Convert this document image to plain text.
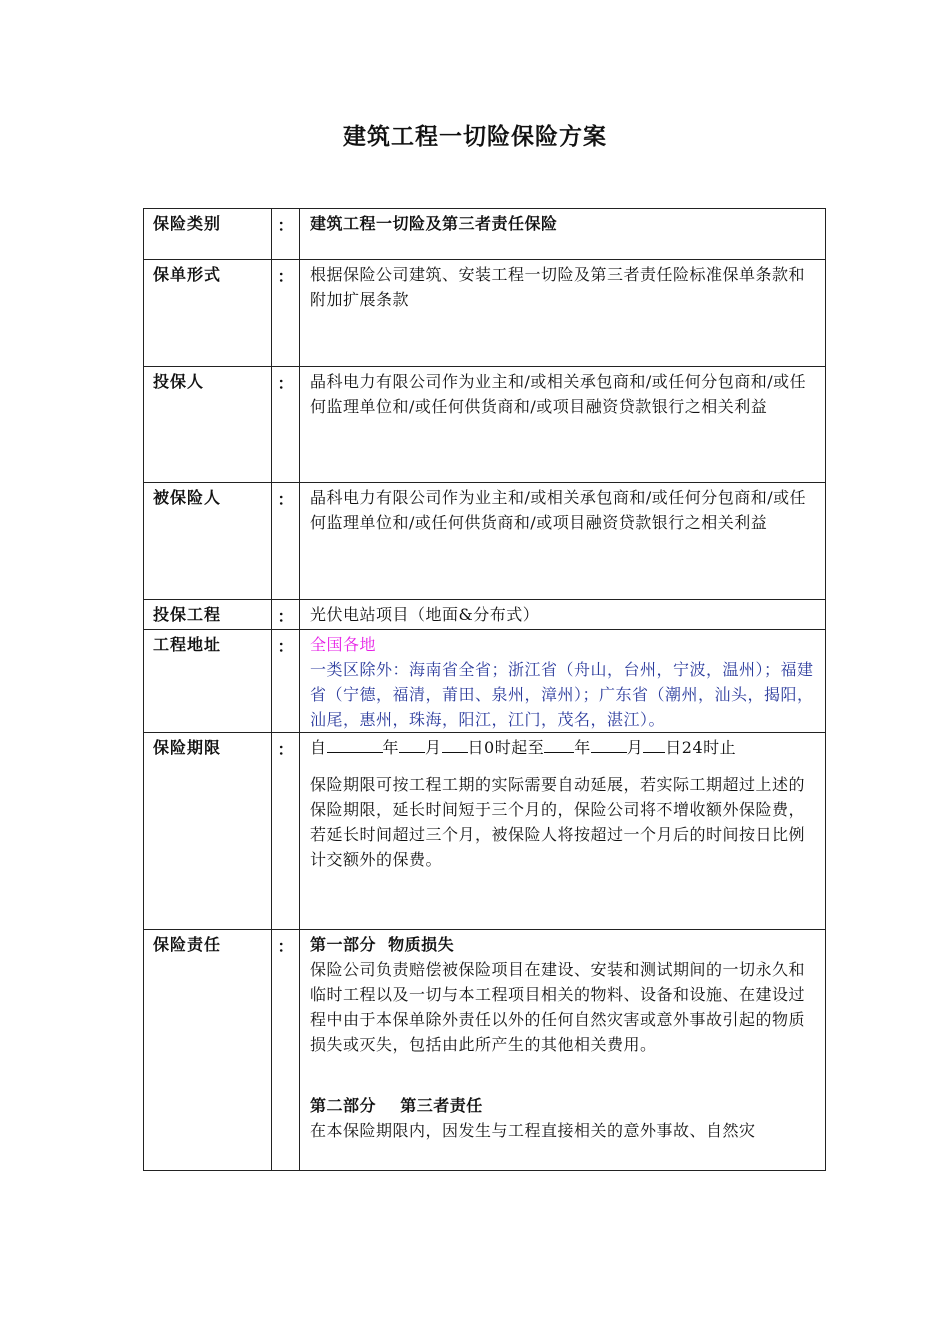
建筑工程一切险保险方案
保险类别	：	建筑工程一切险及第三者责任保险
保单形式	：	根据保险公司建筑、安装工程一切险及第三者责任险标准保单条款和附加扩展条款
投保人	：	晶科电力有限公司作为业主和/或相关承包商和/或任何分包商和/或任何监理单位和/或任何供货商和/或项目融资贷款银行之相关利益
被保险人	：	晶科电力有限公司作为业主和/或相关承包商和/或任何分包商和/或任何监理单位和/或任何供货商和/或项目融资贷款银行之相关利益
投保工程	：	光伏电站项目（地面&分布式）
工程地址	：	全国各地
一类区除外：海南省全省；浙江省（舟山，台州，宁波，温州）；福建省（宁德，福清，莆田、泉州，漳州）；广东省（潮州，汕头，揭阳，汕尾，惠州，珠海，阳江，江门，茂名，湛江）。

保险期限	：	自 年 月 日0时起至 年 月 日24时止
保险期限可按工程工期的实际需要自动延展，若实际工期超过上述的保险期限，延长时间短于三个月的，保险公司将不增收额外保险费，若延长时间超过三个月，被保险人将按超过一个月后的时间按日比例计交额外的保费。

保险责任	：	第一部分  物质损失
保险公司负责赔偿被保险项目在建设、安装和测试期间的一切永久和临时工程以及一切与本工程项目相关的物料、设备和设施、在建设过程中由于本保单除外责任以外的任何自然灾害或意外事故引起的物质损失或灭失，包括由此所产生的其他相关费用。
第二部分    第三者责任
在本保险期限内，因发生与工程直接相关的意外事故、自然灾
